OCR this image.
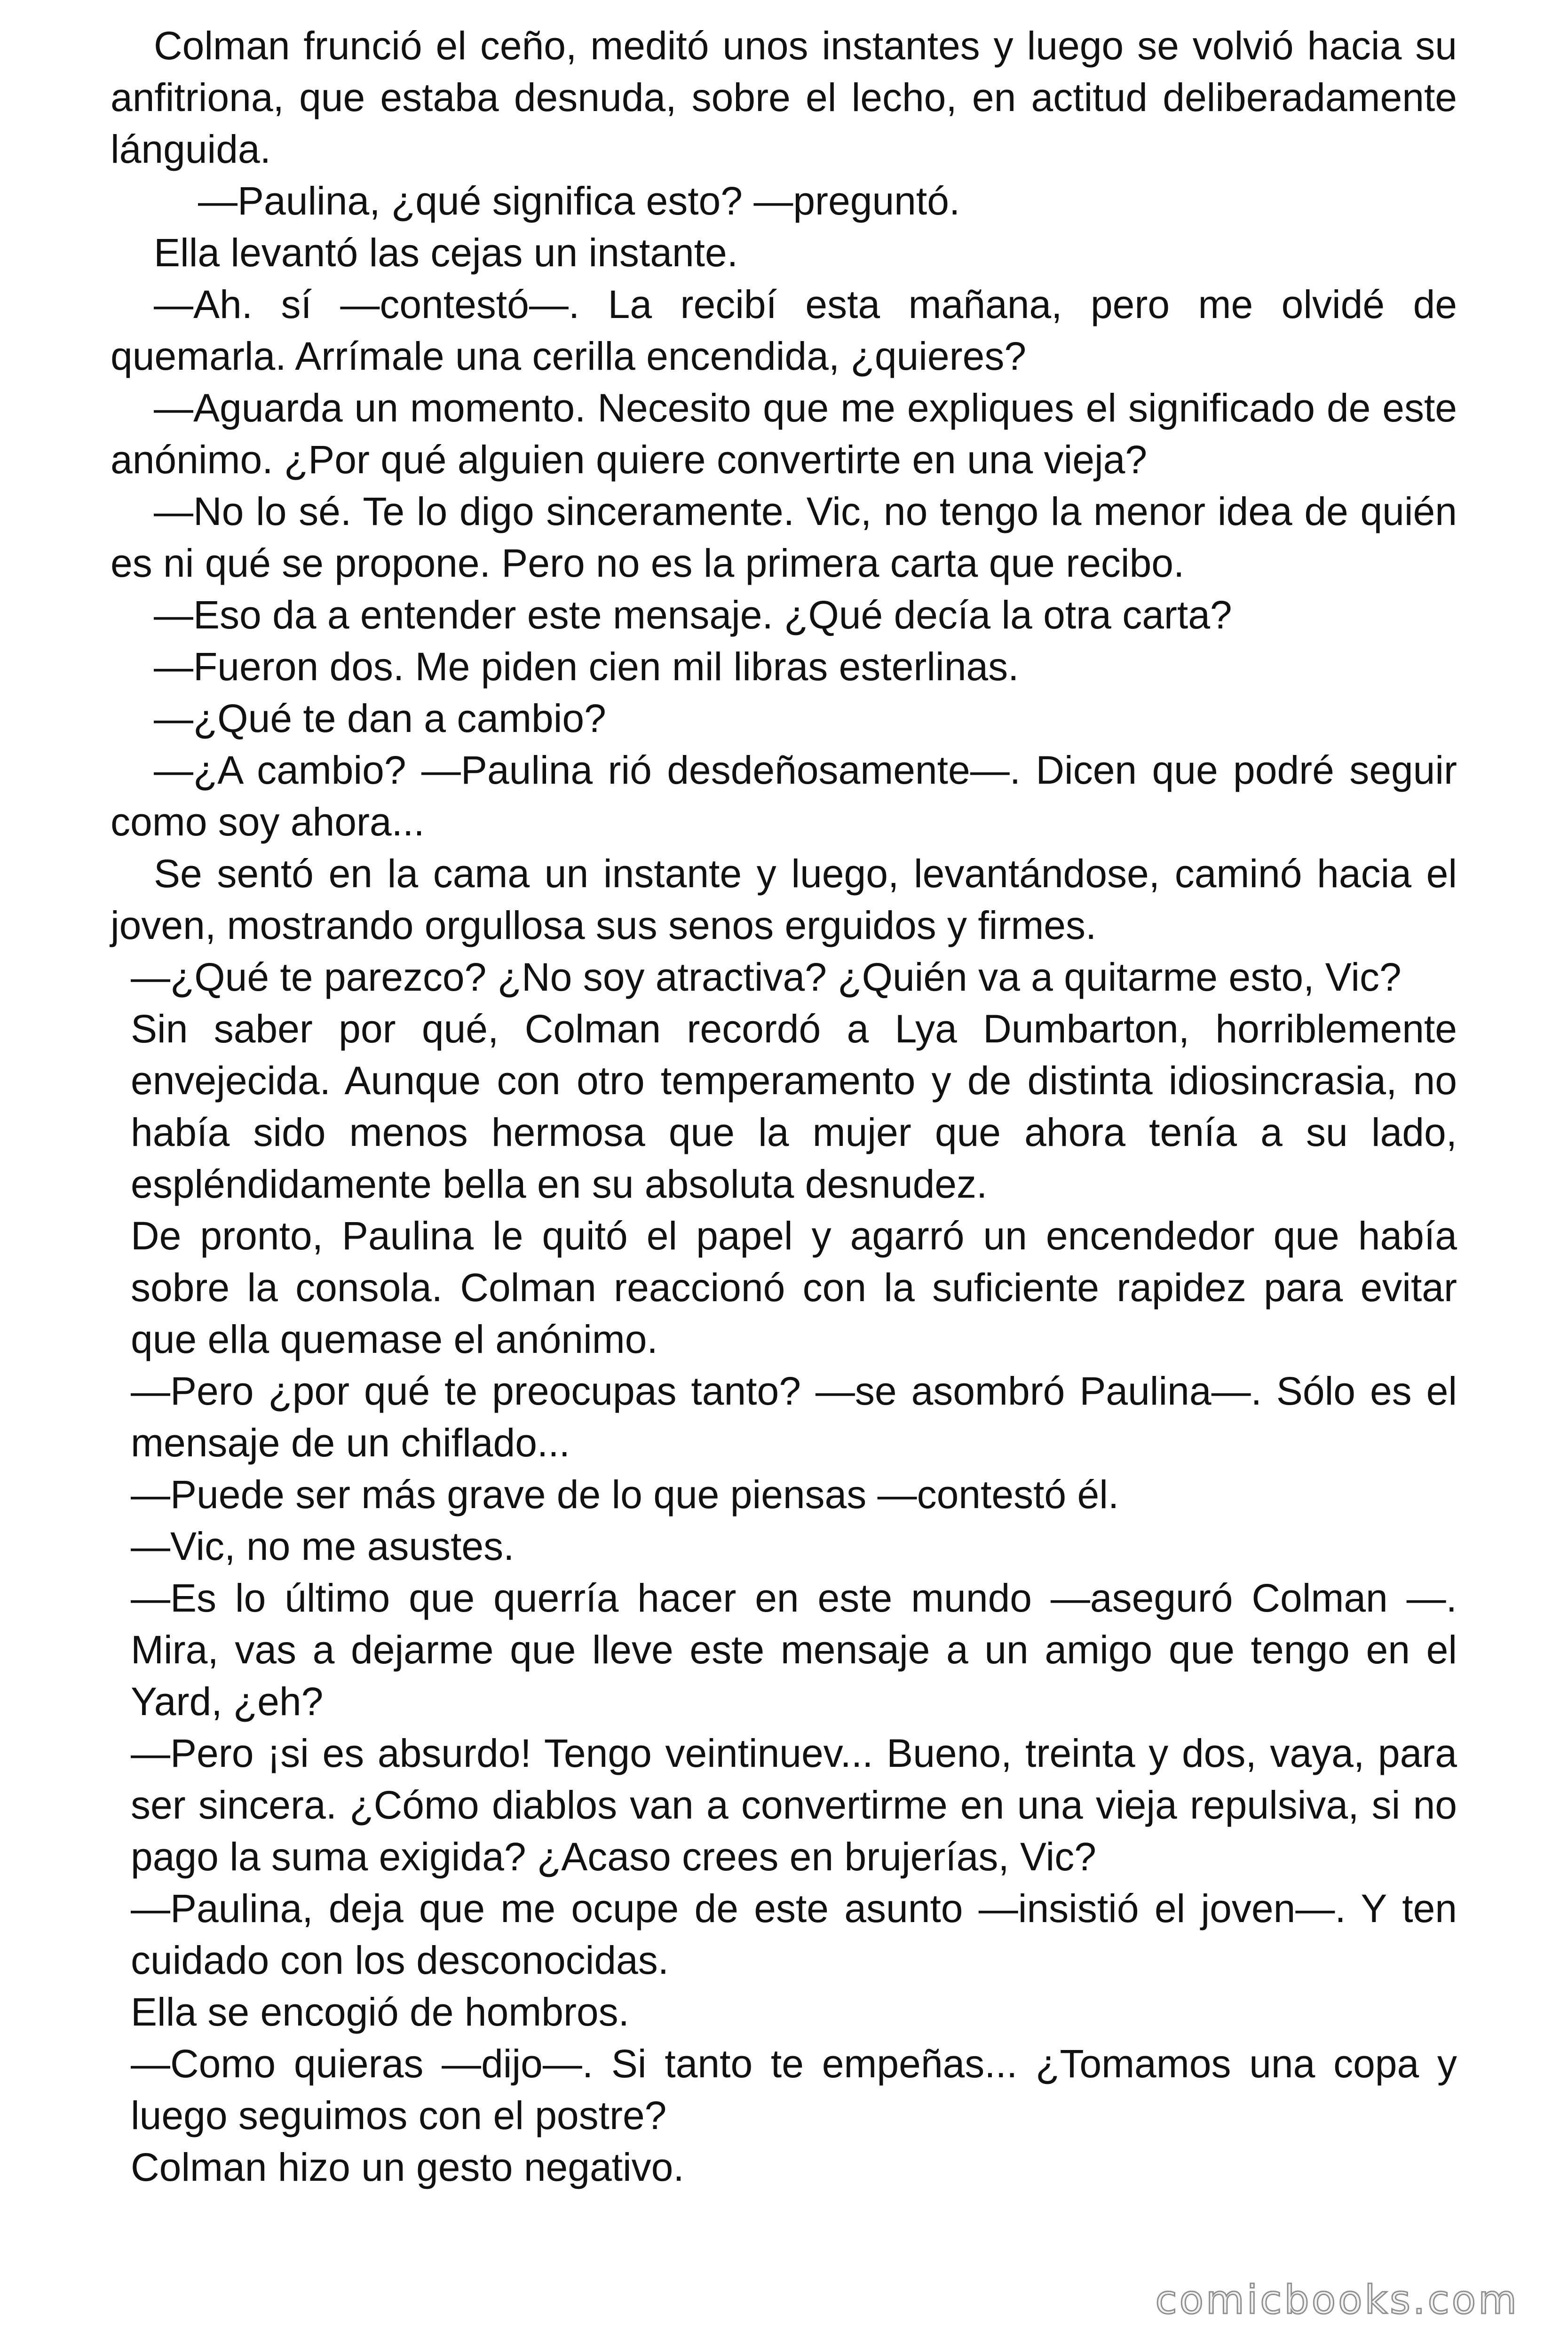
Colman frunció el ceño, meditó unos instantes y luego se volvió hacia su anfitriona, que estaba desnuda, sobre el lecho, en actitud deliberadamente lánguida.

—Paulina, ¿qué significa esto? —preguntó.

Ella levantó las cejas un instante.

—Ah. sí —contestó—. La recibí esta mañana, pero me olvidé de quemarla. Arrímale una cerilla encendida, ¿quieres?

—Aguarda un momento. Necesito que me expliques el significado de este anónimo. ¿Por qué alguien quiere convertirte en una vieja?

—No lo sé. Te lo digo sinceramente. Vic, no tengo la menor idea de quién es ni qué se propone. Pero no es la primera carta que recibo.

—Eso da a entender este mensaje. ¿Qué decía la otra carta?

—Fueron dos. Me piden cien mil libras esterlinas.

—¿Qué te dan a cambio?

—¿A cambio? —Paulina rió desdeñosamente—. Dicen que podré seguir como soy ahora...

Se sentó en la cama un instante y luego, levantándose, caminó hacia el joven, mostrando orgullosa sus senos erguidos y firmes.

—¿Qué te parezco? ¿No soy atractiva? ¿Quién va a quitarme esto, Vic?

Sin saber por qué, Colman recordó a Lya Dumbarton, horriblemente envejecida. Aunque con otro temperamento y de distinta idiosincrasia, no había sido menos hermosa que la mujer que ahora tenía a su lado, espléndidamente bella en su absoluta desnudez.

De pronto, Paulina le quitó el papel y agarró un encendedor que había sobre la consola. Colman reaccionó con la suficiente rapidez para evitar que ella quemase el anónimo.

—Pero ¿por qué te preocupas tanto? —se asombró Paulina—. Sólo es el mensaje de un chiflado...

—Puede ser más grave de lo que piensas —contestó él.

—Vic, no me asustes.

—Es lo último que querría hacer en este mundo —aseguró Colman —. Mira, vas a dejarme que lleve este mensaje a un amigo que tengo en el Yard, ¿eh?

—Pero ¡si es absurdo! Tengo veintinuev... Bueno, treinta y dos, vaya, para ser sincera. ¿Cómo diablos van a convertirme en una vieja repulsiva, si no pago la suma exigida? ¿Acaso crees en brujerías, Vic?

—Paulina, deja que me ocupe de este asunto —insistió el joven—. Y ten cuidado con los desconocidas.

Ella se encogió de hombros.

—Como quieras —dijo—. Si tanto te empeñas... ¿Tomamos una copa y luego seguimos con el postre?

Colman hizo un gesto negativo.

comicbooks.com
